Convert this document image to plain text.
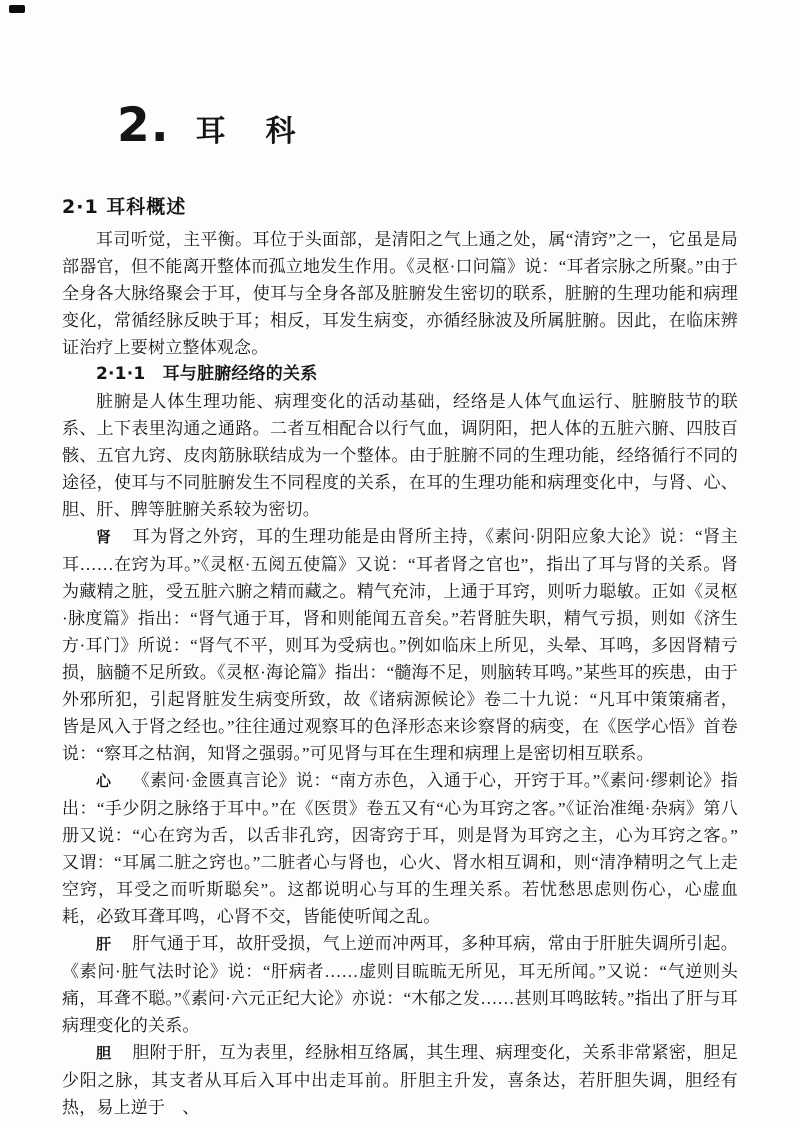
2. 耳科
2·1 耳科概述

耳司听觉，主平衡。耳位于头面部，是清阳之气上通之处，属“清窍”之一，它虽是局部器官，但不能离开整体而孤立地发生作用。《灵枢·口问篇》说：“耳者宗脉之所聚。”由于全身各大脉络聚会于耳，使耳与全身各部及脏腑发生密切的联系，脏腑的生理功能和病理变化，常循经脉反映于耳；相反，耳发生病变，亦循经脉波及所属脏腑。因此，在临床辨证治疗上要树立整体观念。

2·1·1　耳与脏腑经络的关系

脏腑是人体生理功能、病理变化的活动基础，经络是人体气血运行、脏腑肢节的联系、上下表里沟通之通路。二者互相配合以行气血，调阴阳，把人体的五脏六腑、四肢百骸、五官九窍、皮肉筋脉联结成为一个整体。由于脏腑不同的生理功能，经络循行不同的途径，使耳与不同脏腑发生不同程度的关系，在耳的生理功能和病理变化中，与肾、心、胆、肝、脾等脏腑关系较为密切。

肾 耳为肾之外窍，耳的生理功能是由肾所主持，《素问·阴阳应象大论》说：“肾主耳……在窍为耳。”《灵枢·五阅五使篇》又说：“耳者肾之官也”，指出了耳与肾的关系。肾为藏精之脏，受五脏六腑之精而藏之。精气充沛，上通于耳窍，则听力聪敏。正如《灵枢·脉度篇》指出：“肾气通于耳，肾和则能闻五音矣。”若肾脏失职，精气亏损，则如《济生方·耳门》所说：“肾气不平，则耳为受病也。”例如临床上所见，头晕、耳鸣，多因肾精亏损，脑髓不足所致。《灵枢·海论篇》指出：“髓海不足，则脑转耳鸣。”某些耳的疾患，由于外邪所犯，引起肾脏发生病变所致，故《诸病源候论》卷二十九说：“凡耳中策策痛者，皆是风入于肾之经也。”往往通过观察耳的色泽形态来诊察肾的病变，在《医学心悟》首卷说：“察耳之枯润，知肾之强弱。”可见肾与耳在生理和病理上是密切相互联系。

心 《素问·金匮真言论》说：“南方赤色，入通于心，开窍于耳。”《素问·缪刺论》指出：“手少阴之脉络于耳中。”在《医贯》卷五又有“心为耳窍之客。”《证治准绳·杂病》第八册又说：“心在窍为舌，以舌非孔窍，因寄窍于耳，则是肾为耳窍之主，心为耳窍之客。”又谓：“耳属二脏之窍也。”二脏者心与肾也，心火、肾水相互调和，则“清净精明之气上走空窍，耳受之而听斯聪矣”。这都说明心与耳的生理关系。若忧愁思虑则伤心，心虚血耗，必致耳聋耳鸣，心肾不交，皆能使听闻之乱。

肝 肝气通于耳，故肝受损，气上逆而冲两耳，多种耳病，常由于肝脏失调所引起。《素问·脏气法时论》说：“肝病者……虚则目䀮䀮无所见，耳无所闻。”又说：“气逆则头痛，耳聋不聪。”《素问·六元正纪大论》亦说：“木郁之发……甚则耳鸣眩转。”指出了肝与耳病理变化的关系。

胆 胆附于肝，互为表里，经脉相互络属，其生理、病理变化，关系非常紧密，胆足少阳之脉，其支者从耳后入耳中出走耳前。肝胆主升发，喜条达，若肝胆失调，胆经有热，易上逆于　、
